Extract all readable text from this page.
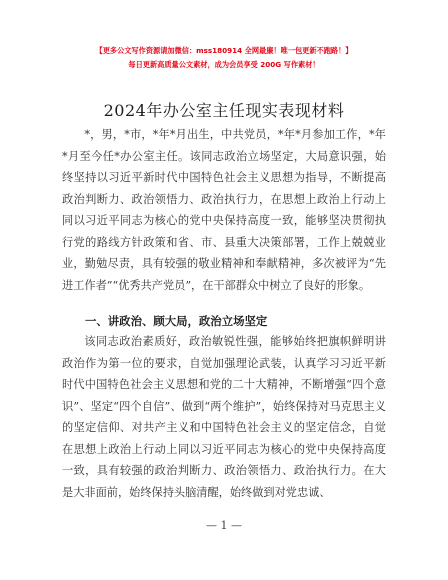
【更多公文写作资源请加微信：mss180914 全网最廉！唯一包更新不跑路！】
每日更新高质量公文素材，成为会员享受 200G 写作素材！
2024年办公室主任现实表现材料
*，男，*市，*年*月出生，中共党员，*年*月参加工作，*年*月至今任*办公室主任。该同志政治立场坚定，大局意识强，始终坚持以习近平新时代中国特色社会主义思想为指导，不断提高政治判断力、政治领悟力、政治执行力，在思想上政治上行动上同以习近平同志为核心的党中央保持高度一致，能够坚决贯彻执行党的路线方针政策和省、市、县重大决策部署，工作上兢兢业业，勤勉尽责，具有较强的敬业精神和奉献精神，多次被评为“先进工作者”“优秀共产党员”，在干部群众中树立了良好的形象。
一、讲政治、顾大局，政治立场坚定
该同志政治素质好，政治敏锐性强，能够始终把旗帜鲜明讲政治作为第一位的要求，自觉加强理论武装，认真学习习近平新时代中国特色社会主义思想和党的二十大精神，不断增强“四个意识”、坚定“四个自信”、做到“两个维护”，始终保持对马克思主义的坚定信仰、对共产主义和中国特色社会主义的坚定信念，自觉在思想上政治上行动上同以习近平同志为核心的党中央保持高度一致，具有较强的政治判断力、政治领悟力、政治执行力。在大是大非面前，始终保持头脑清醒，始终做到对党忠诚、
— 1 —
